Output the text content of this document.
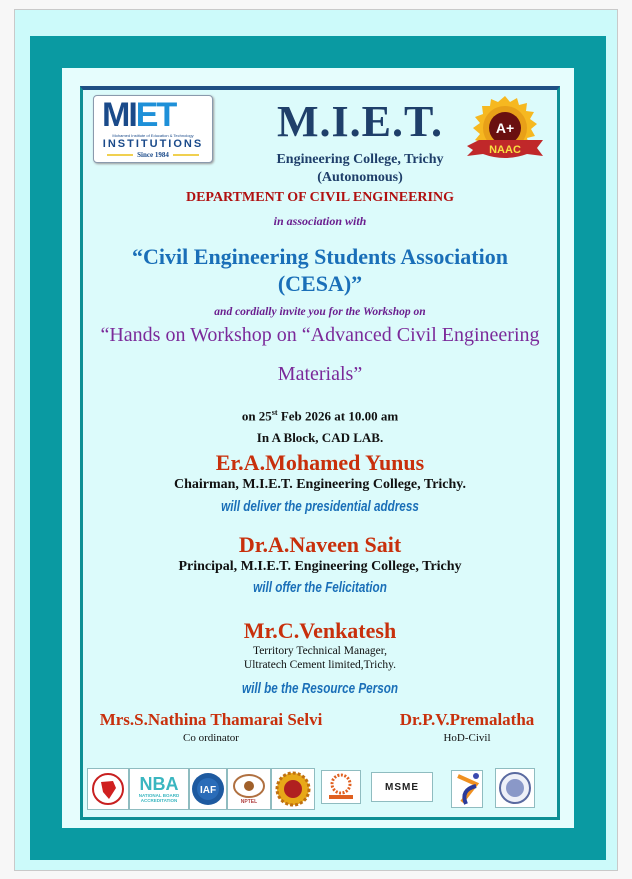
MIET
Mohamed Institute of Education & Technology
INSTITUTIONS
Since 1984
A+
NAAC
M.I.E.T.
Engineering College, Trichy
(Autonomous)
DEPARTMENT OF CIVIL ENGINEERING
in association with
“Civil Engineering Students Association
(CESA)”
and cordially invite you for the Workshop on
“Hands on Workshop on “Advanced Civil Engineering
Materials”
on 25st Feb 2026 at 10.00 am
In A Block, CAD LAB.
Er.A.Mohamed Yunus
Chairman, M.I.E.T. Engineering College, Trichy.
will deliver the presidential address
Dr.A.Naveen Sait
Principal, M.I.E.T. Engineering College, Trichy
will offer the Felicitation
Mr.C.Venkatesh
Territory Technical Manager,
Ultratech Cement limited,Trichy.
will be the Resource Person
Mrs.S.Nathina Thamarai Selvi
Co ordinator
Dr.P.V.Premalatha
HoD-Civil
NBA
NATIONAL BOARD
ACCREDITATION
IAF
NPTEL
MSME
